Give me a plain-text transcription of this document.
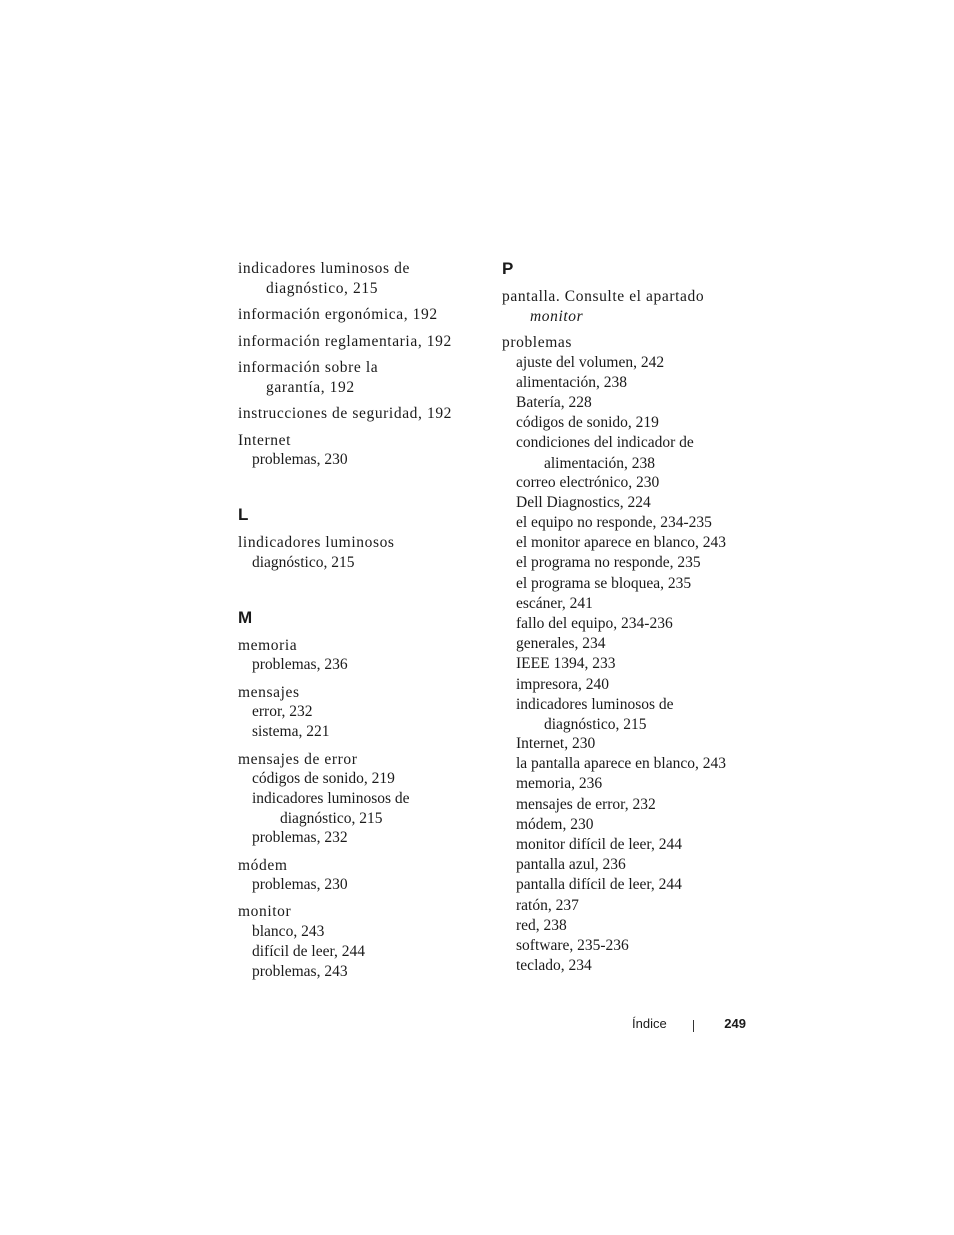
indicadores luminosos de
diagnóstico, 215
información ergonómica, 192
información reglamentaria, 192
información sobre la
garantía, 192
instrucciones de seguridad, 192
Internet
problemas, 230
L
lindicadores luminosos
diagnóstico, 215
M
memoria
problemas, 236
mensajes
error, 232
sistema, 221
mensajes de error
códigos de sonido, 219
indicadores luminosos de
diagnóstico, 215
problemas, 232
módem
problemas, 230
monitor
blanco, 243
difícil de leer, 244
problemas, 243
P
pantalla. Consulte el apartado
monitor
problemas
ajuste del volumen, 242
alimentación, 238
Batería, 228
códigos de sonido, 219
condiciones del indicador de
alimentación, 238
correo electrónico, 230
Dell Diagnostics, 224
el equipo no responde, 234-235
el monitor aparece en blanco, 243
el programa no responde, 235
el programa se bloquea, 235
escáner, 241
fallo del equipo, 234-236
generales, 234
IEEE 1394, 233
impresora, 240
indicadores luminosos de
diagnóstico, 215
Internet, 230
la pantalla aparece en blanco, 243
memoria, 236
mensajes de error, 232
módem, 230
monitor difícil de leer, 244
pantalla azul, 236
pantalla difícil de leer, 244
ratón, 237
red, 238
software, 235-236
teclado, 234
Índice	249
